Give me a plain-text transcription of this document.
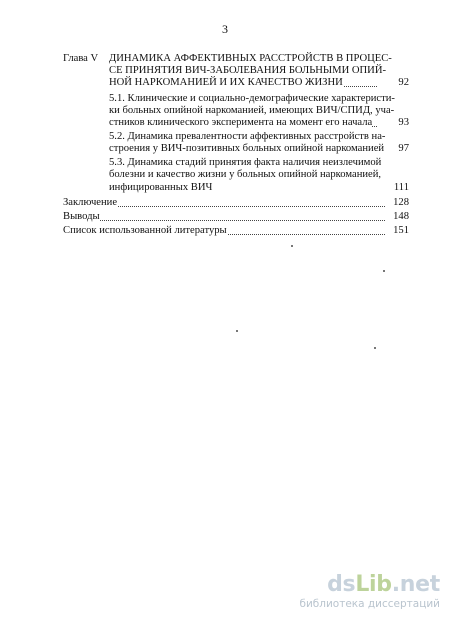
3
Глава V ДИНАМИКА АФФЕКТИВНЫХ РАССТРОЙСТВ В ПРОЦЕС-
СЕ ПРИНЯТИЯ ВИЧ-ЗАБОЛЕВАНИЯ БОЛЬНЫМИ ОПИЙ-
НОЙ НАРКОМАНИЕЙ И ИХ КАЧЕСТВО ЖИЗНИ	92
5.1. Клинические и социально-демографические характеристи-
ки больных опийной наркоманией, имеющих ВИЧ/СПИД, уча-
стников клинического эксперимента на момент его начала	93
5.2. Динамика превалентности аффективных расстройств на-
строения у ВИЧ-позитивных больных опийной наркоманией	97
5.3. Динамика стадий принятия факта наличия неизлечимой
болезни и качество жизни у больных опийной наркоманией,
инфицированных ВИЧ	111
Заключение	128
Выводы	148
Список использованной литературы	151
dsLib.net
библиотека диссертаций
